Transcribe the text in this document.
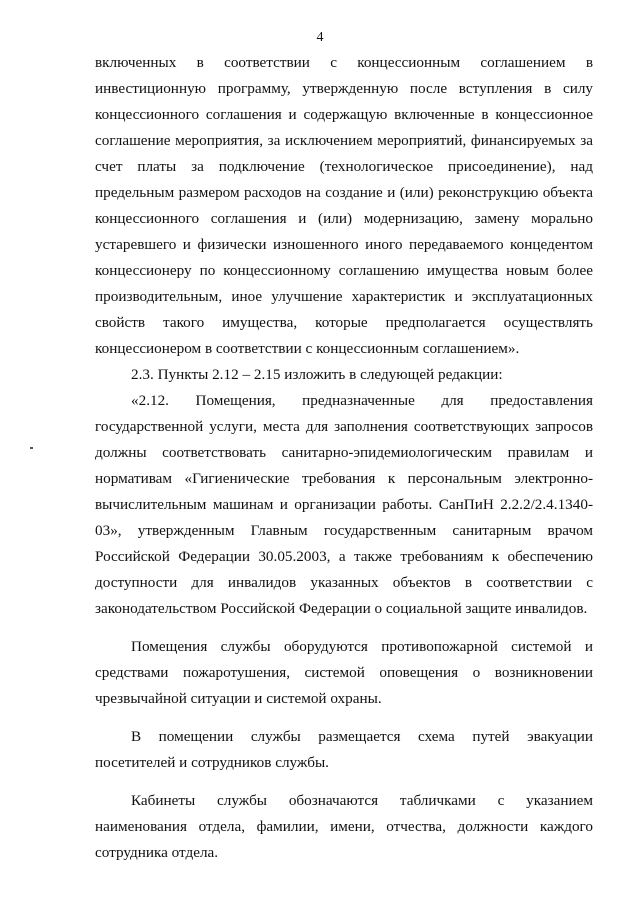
4

включенных в соответствии с концессионным соглашением в инвестиционную программу, утвержденную после вступления в силу концессионного соглашения и содержащую включенные в концессионное соглашение мероприятия, за исключением мероприятий, финансируемых за счет платы за подключение (технологическое присоединение), над предельным размером расходов на создание и (или) реконструкцию объекта концессионного соглашения и (или) модернизацию, замену морально устаревшего и физически изношенного иного передаваемого концедентом концессионеру по концессионному соглашению имущества новым более производительным, иное улучшение характеристик и эксплуатационных свойств такого имущества, которые предполагается осуществлять концессионером в соответствии с концессионным соглашением».

2.3. Пункты 2.12 – 2.15 изложить в следующей редакции:

«2.12. Помещения, предназначенные для предоставления государственной услуги, места для заполнения соответствующих запросов должны соответствовать санитарно-эпидемиологическим правилам и нормативам «Гигиенические требования к персональным электронно-вычислительным машинам и организации работы. СанПиН 2.2.2/2.4.1340-03», утвержденным Главным государственным санитарным врачом Российской Федерации 30.05.2003, а также требованиям к обеспечению доступности для инвалидов указанных объектов в соответствии с законодательством Российской Федерации о социальной защите инвалидов.

Помещения службы оборудуются противопожарной системой и средствами пожаротушения, системой оповещения о возникновении чрезвычайной ситуации и системой охраны.

В помещении службы размещается схема путей эвакуации посетителей и сотрудников службы.

Кабинеты службы обозначаются табличками с указанием наименования отдела, фамилии, имени, отчества, должности каждого сотрудника отдела.
